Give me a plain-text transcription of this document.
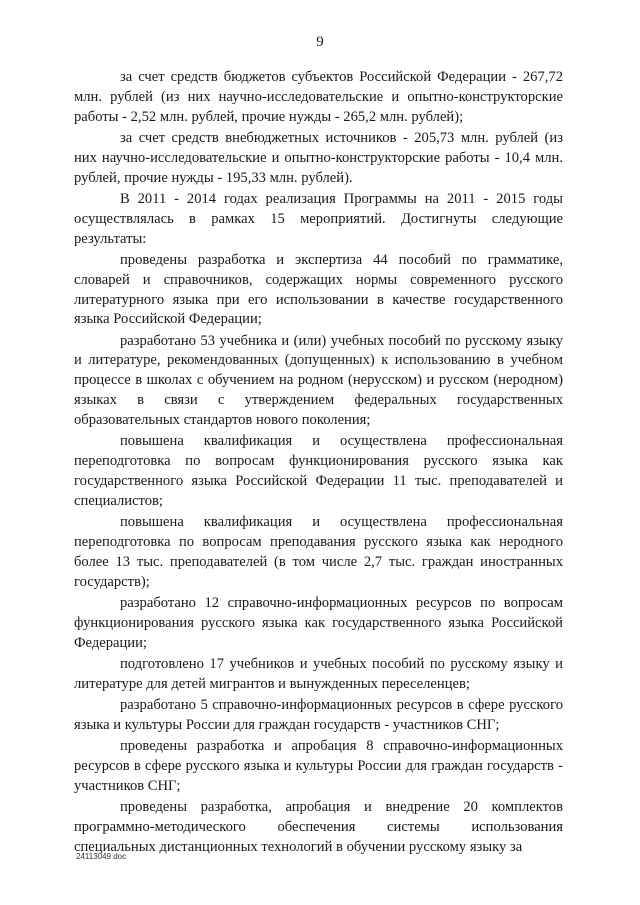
9

за счет средств бюджетов субъектов Российской Федерации - 267,72 млн. рублей (из них научно-исследовательские и опытно-конструкторские работы - 2,52 млн. рублей, прочие нужды - 265,2 млн. рублей);

за счет средств внебюджетных источников - 205,73 млн. рублей (из них научно-исследовательские и опытно-конструкторские работы - 10,4 млн. рублей, прочие нужды - 195,33 млн. рублей).

В 2011 - 2014 годах реализация Программы на 2011 - 2015 годы осуществлялась в рамках 15 мероприятий. Достигнуты следующие результаты:

проведены разработка и экспертиза 44 пособий по грамматике, словарей и справочников, содержащих нормы современного русского литературного языка при его использовании в качестве государственного языка Российской Федерации;

разработано 53 учебника и (или) учебных пособий по русскому языку и литературе, рекомендованных (допущенных) к использованию в учебном процессе в школах с обучением на родном (нерусском) и русском (неродном) языках в связи с утверждением федеральных государственных образовательных стандартов нового поколения;

повышена квалификация и осуществлена профессиональная переподготовка по вопросам функционирования русского языка как государственного языка Российской Федерации 11 тыс. преподавателей и специалистов;

повышена квалификация и осуществлена профессиональная переподготовка по вопросам преподавания русского языка как неродного более 13 тыс. преподавателей (в том числе 2,7 тыс. граждан иностранных государств);

разработано 12 справочно-информационных ресурсов по вопросам функционирования русского языка как государственного языка Российской Федерации;

подготовлено 17 учебников и учебных пособий по русскому языку и литературе для детей мигрантов и вынужденных переселенцев;

разработано 5 справочно-информационных ресурсов в сфере русского языка и культуры России для граждан государств - участников СНГ;

проведены разработка и апробация 8 справочно-информационных ресурсов в сфере русского языка и культуры России для граждан государств - участников СНГ;

проведены разработка, апробация и внедрение 20 комплектов программно-методического обеспечения системы использования специальных дистанционных технологий в обучении русскому языку за

24113049.doc
